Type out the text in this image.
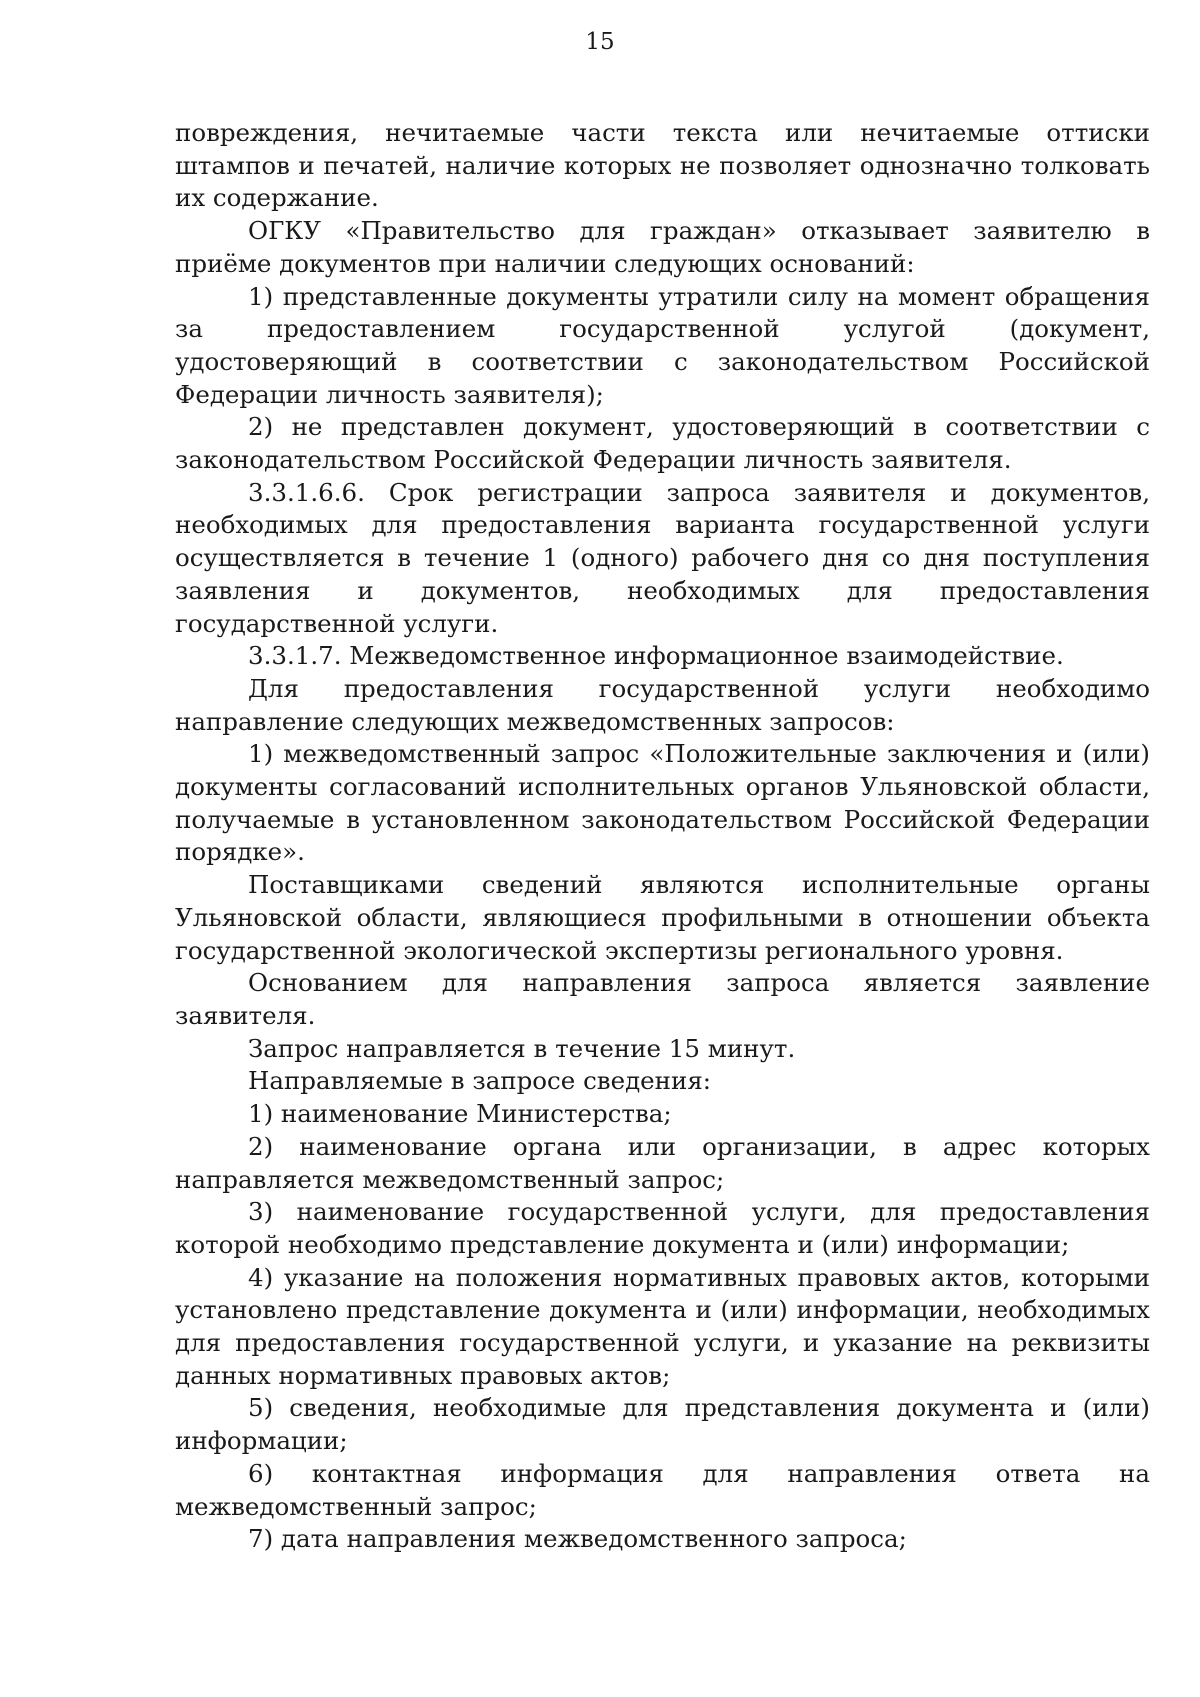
15

повреждения, нечитаемые части текста или нечитаемые оттиски штампов и печатей, наличие которых не позволяет однозначно толковать их содержание.

ОГКУ «Правительство для граждан» отказывает заявителю в приёме документов при наличии следующих оснований:

1) представленные документы утратили силу на момент обращения за предоставлением государственной услугой (документ, удостоверяющий в соответствии с законодательством Российской Федерации личность заявителя);

2) не представлен документ, удостоверяющий в соответствии с законодательством Российской Федерации личность заявителя.

3.3.1.6.6. Срок регистрации запроса заявителя и документов, необходимых для предоставления варианта государственной услуги осуществляется в течение 1 (одного) рабочего дня со дня поступления заявления и документов, необходимых для предоставления государственной услуги.

3.3.1.7. Межведомственное информационное взаимодействие.

Для предоставления государственной услуги необходимо направление следующих межведомственных запросов:

1) межведомственный запрос «Положительные заключения и (или) документы согласований исполнительных органов Ульяновской области, получаемые в установленном законодательством Российской Федерации порядке».

Поставщиками сведений являются исполнительные органы Ульяновской области, являющиеся профильными в отношении объекта государственной экологической экспертизы регионального уровня.

Основанием для направления запроса является заявление заявителя.

Запрос направляется в течение 15 минут.

Направляемые в запросе сведения:

1) наименование Министерства;

2) наименование органа или организации, в адрес которых направляется межведомственный запрос;

3) наименование государственной услуги, для предоставления которой необходимо представление документа и (или) информации;

4) указание на положения нормативных правовых актов, которыми установлено представление документа и (или) информации, необходимых для предоставления государственной услуги, и указание на реквизиты данных нормативных правовых актов;

5) сведения, необходимые для представления документа и (или) информации;

6) контактная информация для направления ответа на межведомственный запрос;

7) дата направления межведомственного запроса;
